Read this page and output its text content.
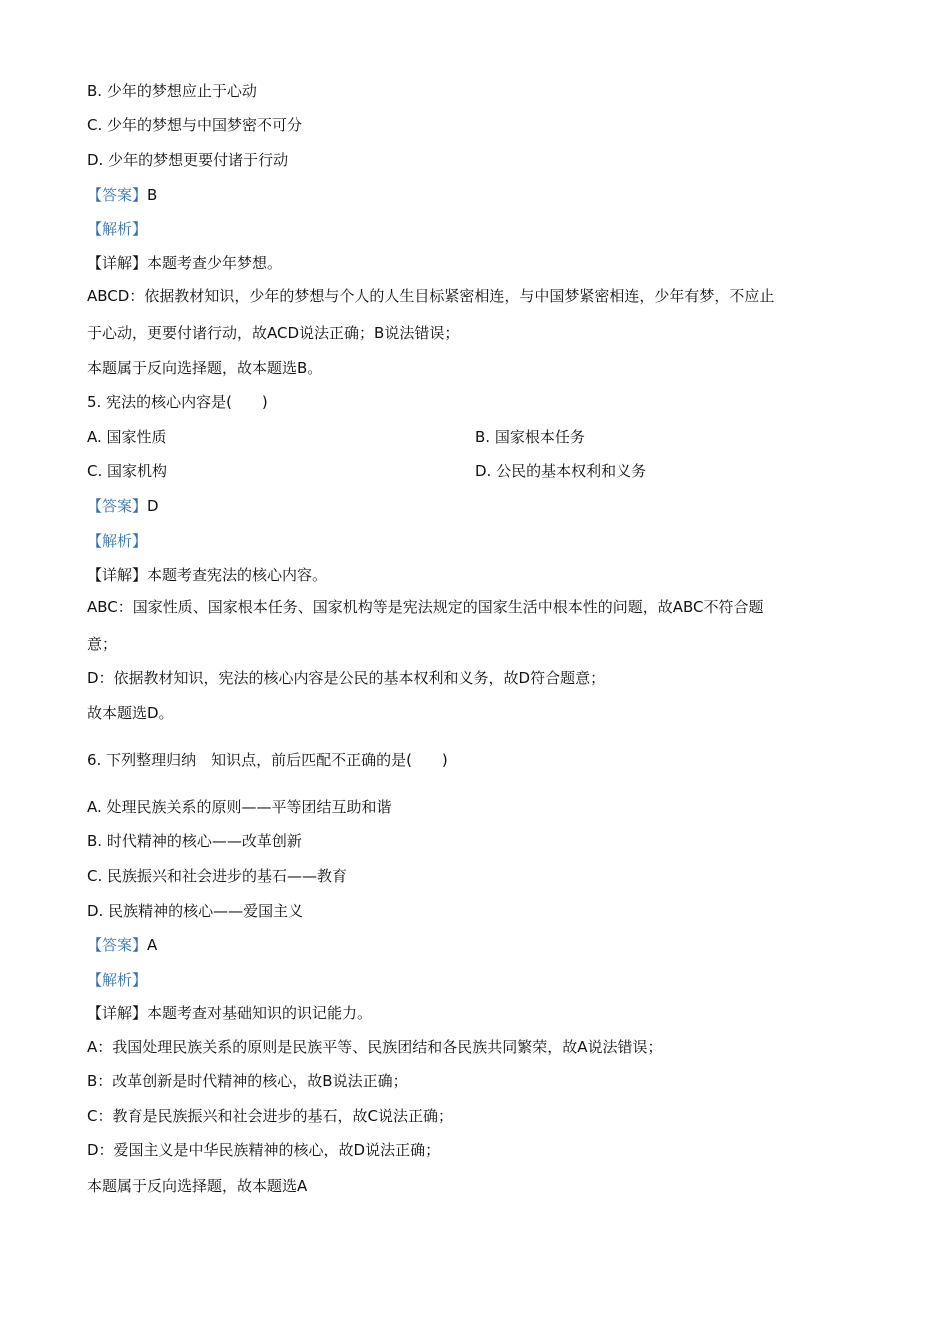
B. 少年的梦想应止于心动
C. 少年的梦想与中国梦密不可分
D. 少年的梦想更要付诸于行动
【答案】B
【解析】
【详解】本题考查少年梦想。
ABCD：依据教材知识，少年的梦想与个人的人生目标紧密相连，与中国梦紧密相连，少年有梦，不应止
于心动，更要付诸行动，故ACD说法正确；B说法错误；
本题属于反向选择题，故本题选B。
5. 宪法的核心内容是(　　)
A. 国家性质	B. 国家根本任务
C. 国家机构	D. 公民的基本权利和义务
【答案】D
【解析】
【详解】本题考查宪法的核心内容。
ABC：国家性质、国家根本任务、国家机构等是宪法规定的国家生活中根本性的问题，故ABC不符合题
意；
D：依据教材知识，宪法的核心内容是公民的基本权利和义务，故D符合题意；
故本题选D。
6. 下列整理归纳　知识点，前后匹配不正确的是(　　)
A. 处理民族关系的原则——平等团结互助和谐
B. 时代精神的核心——改革创新
C. 民族振兴和社会进步的基石——教育
D. 民族精神的核心——爱国主义
【答案】A
【解析】
【详解】本题考查对基础知识的识记能力。
A：我国处理民族关系的原则是民族平等、民族团结和各民族共同繁荣，故A说法错误；
B：改革创新是时代精神的核心，故B说法正确；
C：教育是民族振兴和社会进步的基石，故C说法正确；
D：爱国主义是中华民族精神的核心，故D说法正确；
本题属于反向选择题，故本题选A
